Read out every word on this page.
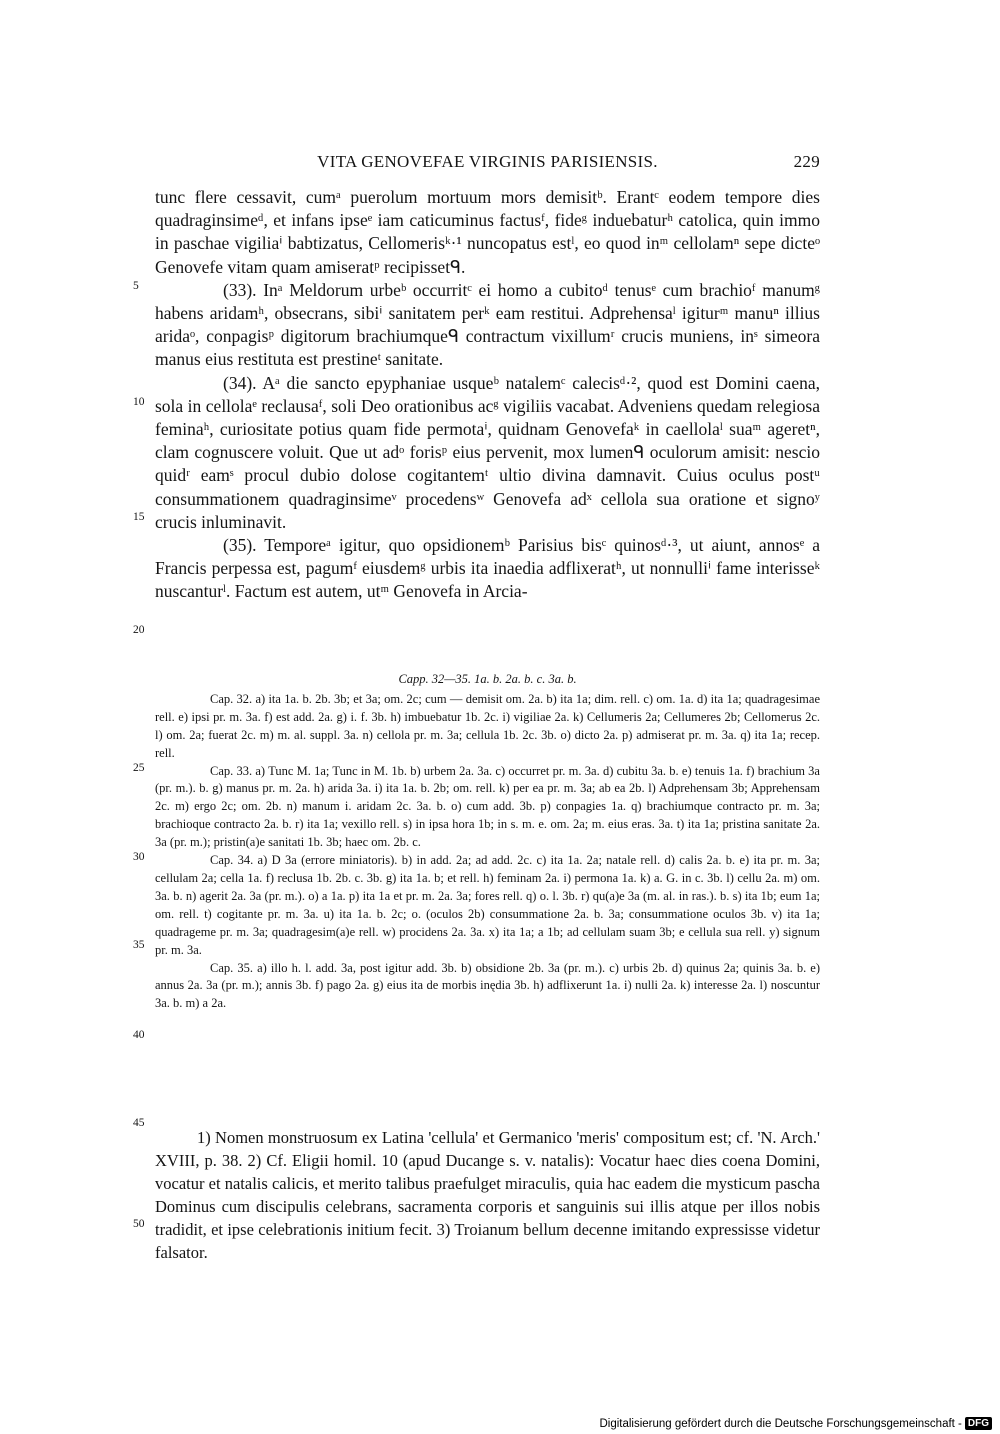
VITA GENOVEFAE VIRGINIS PARISIENSIS.	229
5
10
15
20
25
30
35
40
45
50

tunc flere cessavit, cumᵃ puerolum mortuum mors demisitᵇ. Erantᶜ eodem tempore dies quadraginsimeᵈ, et infans ipseᵉ iam caticuminus factusᶠ, fideᵍ induebaturʰ catolica, quin immo in paschae vigiliaⁱ babtizatus, Cellomerisᵏ·¹ nuncopatus estˡ, eo quod inᵐ cellolamⁿ sepe dicteᵒ Genovefe vitam quam amiseratᵖ recipissetᑫ.

(33). Inᵃ Meldorum urbeᵇ occurritᶜ ei homo a cubitoᵈ tenusᵉ cum brachioᶠ manumᵍ habens aridamʰ, obsecrans, sibiⁱ sanitatem perᵏ eam restitui. Adprehensaˡ igiturᵐ manuⁿ illius aridaᵒ, conpagisᵖ digitorum brachiumqueᑫ contractum vixillumʳ crucis muniens, inˢ simeora manus eius restituta est prestineᵗ sanitate.

(34). Aᵃ die sancto epyphaniae usqueᵇ natalemᶜ calecisᵈ·², quod est Domini caena, sola in cellolaᵉ reclausaᶠ, soli Deo orationibus acᵍ vigiliis vacabat. Adveniens quedam relegiosa feminaʰ, curiositate potius quam fide permotaⁱ, quidnam Genovefaᵏ in caellolaˡ suaᵐ ageretⁿ, clam cognuscere voluit. Que ut adᵒ forisᵖ eius pervenit, mox lumenᑫ oculorum amisit: nescio quidʳ eamˢ procul dubio dolose cogitantemᵗ ultio divina damnavit. Cuius oculus postᵘ consummationem quadraginsimeᵛ procedensʷ Genovefa adˣ cellola sua oratione et signoʸ crucis inluminavit.

(35). Temporeᵃ igitur, quo opsidionemᵇ Parisius bisᶜ quinosᵈ·³, ut aiunt, annosᵉ a Francis perpessa est, pagumᶠ eiusdemᵍ urbis ita inaedia adflixeratʰ, ut nonnulliⁱ fame interisseᵏ nuscanturˡ. Factum est autem, utᵐ Genovefa in Arcia-

Capp. 32—35. 1a. b. 2a. b. c. 3a. b.

Cap. 32. a) ita 1a. b. 2b. 3b; et 3a; om. 2c; cum — demisit om. 2a. b) ita 1a; dim. rell. c) om. 1a. d) ita 1a; quadragesimae rell. e) ipsi pr. m. 3a. f) est add. 2a. g) i. f. 3b. h) imbuebatur 1b. 2c. i) vigiliae 2a. k) Cellumeris 2a; Cellumeres 2b; Cellomerus 2c. l) om. 2a; fuerat 2c. m) m. al. suppl. 3a. n) cellola pr. m. 3a; cellula 1b. 2c. 3b. o) dicto 2a. p) admiserat pr. m. 3a. q) ita 1a; recep. rell.

Cap. 33. a) Tunc M. 1a; Tunc in M. 1b. b) urbem 2a. 3a. c) occurret pr. m. 3a. d) cubitu 3a. b. e) tenuis 1a. f) brachium 3a (pr. m.). b. g) manus pr. m. 2a. h) arida 3a. i) ita 1a. b. 2b; om. rell. k) per ea pr. m. 3a; ab ea 2b. l) Adprehensam 3b; Apprehensam 2c. m) ergo 2c; om. 2b. n) manum i. aridam 2c. 3a. b. o) cum add. 3b. p) conpagies 1a. q) brachiumque contracto pr. m. 3a; brachioque contracto 2a. b. r) ita 1a; vexillo rell. s) in ipsa hora 1b; in s. m. e. om. 2a; m. eius eras. 3a. t) ita 1a; pristina sanitate 2a. 3a (pr. m.); pristin(a)e sanitati 1b. 3b; haec om. 2b. c.

Cap. 34. a) D 3a (errore miniatoris). b) in add. 2a; ad add. 2c. c) ita 1a. 2a; natale rell. d) calis 2a. b. e) ita pr. m. 3a; cellulam 2a; cella 1a. f) reclusa 1b. 2b. c. 3b. g) ita 1a. b; et rell. h) feminam 2a. i) permona 1a. k) a. G. in c. 3b. l) cellu 2a. m) om. 3a. b. n) agerit 2a. 3a (pr. m.). o) a 1a. p) ita 1a et pr. m. 2a. 3a; fores rell. q) o. l. 3b. r) qu(a)e 3a (m. al. in ras.). b. s) ita 1b; eum 1a; om. rell. t) cogitante pr. m. 3a. u) ita 1a. b. 2c; o. (oculos 2b) consummatione 2a. b. 3a; consummatione oculos 3b. v) ita 1a; quadrageme pr. m. 3a; quadragesim(a)e rell. w) procidens 2a. 3a. x) ita 1a; a 1b; ad cellulam suam 3b; e cellula sua rell. y) signum pr. m. 3a.

Cap. 35. a) illo h. l. add. 3a, post igitur add. 3b. b) obsidione 2b. 3a (pr. m.). c) urbis 2b. d) quinus 2a; quinis 3a. b. e) annus 2a. 3a (pr. m.); annis 3b. f) pago 2a. g) eius ita de morbis inędia 3b. h) adflixerunt 1a. i) nulli 2a. k) interesse 2a. l) noscuntur 3a. b. m) a 2a.

1) Nomen monstruosum ex Latina 'cellula' et Germanico 'meris' compositum est; cf. 'N. Arch.' XVIII, p. 38. 2) Cf. Eligii homil. 10 (apud Ducange s. v. natalis): Vocatur haec dies coena Domini, vocatur et natalis calicis, et merito talibus praefulget miraculis, quia hac eadem die mysticum pascha Dominus cum discipulis celebrans, sacramenta corporis et sanguinis sui illis atque per illos nobis tradidit, et ipse celebrationis initium fecit. 3) Troianum bellum decenne imitando expressisse videtur falsator.

Digitalisierung gefördert durch die Deutsche Forschungsgemeinschaft - DFG
